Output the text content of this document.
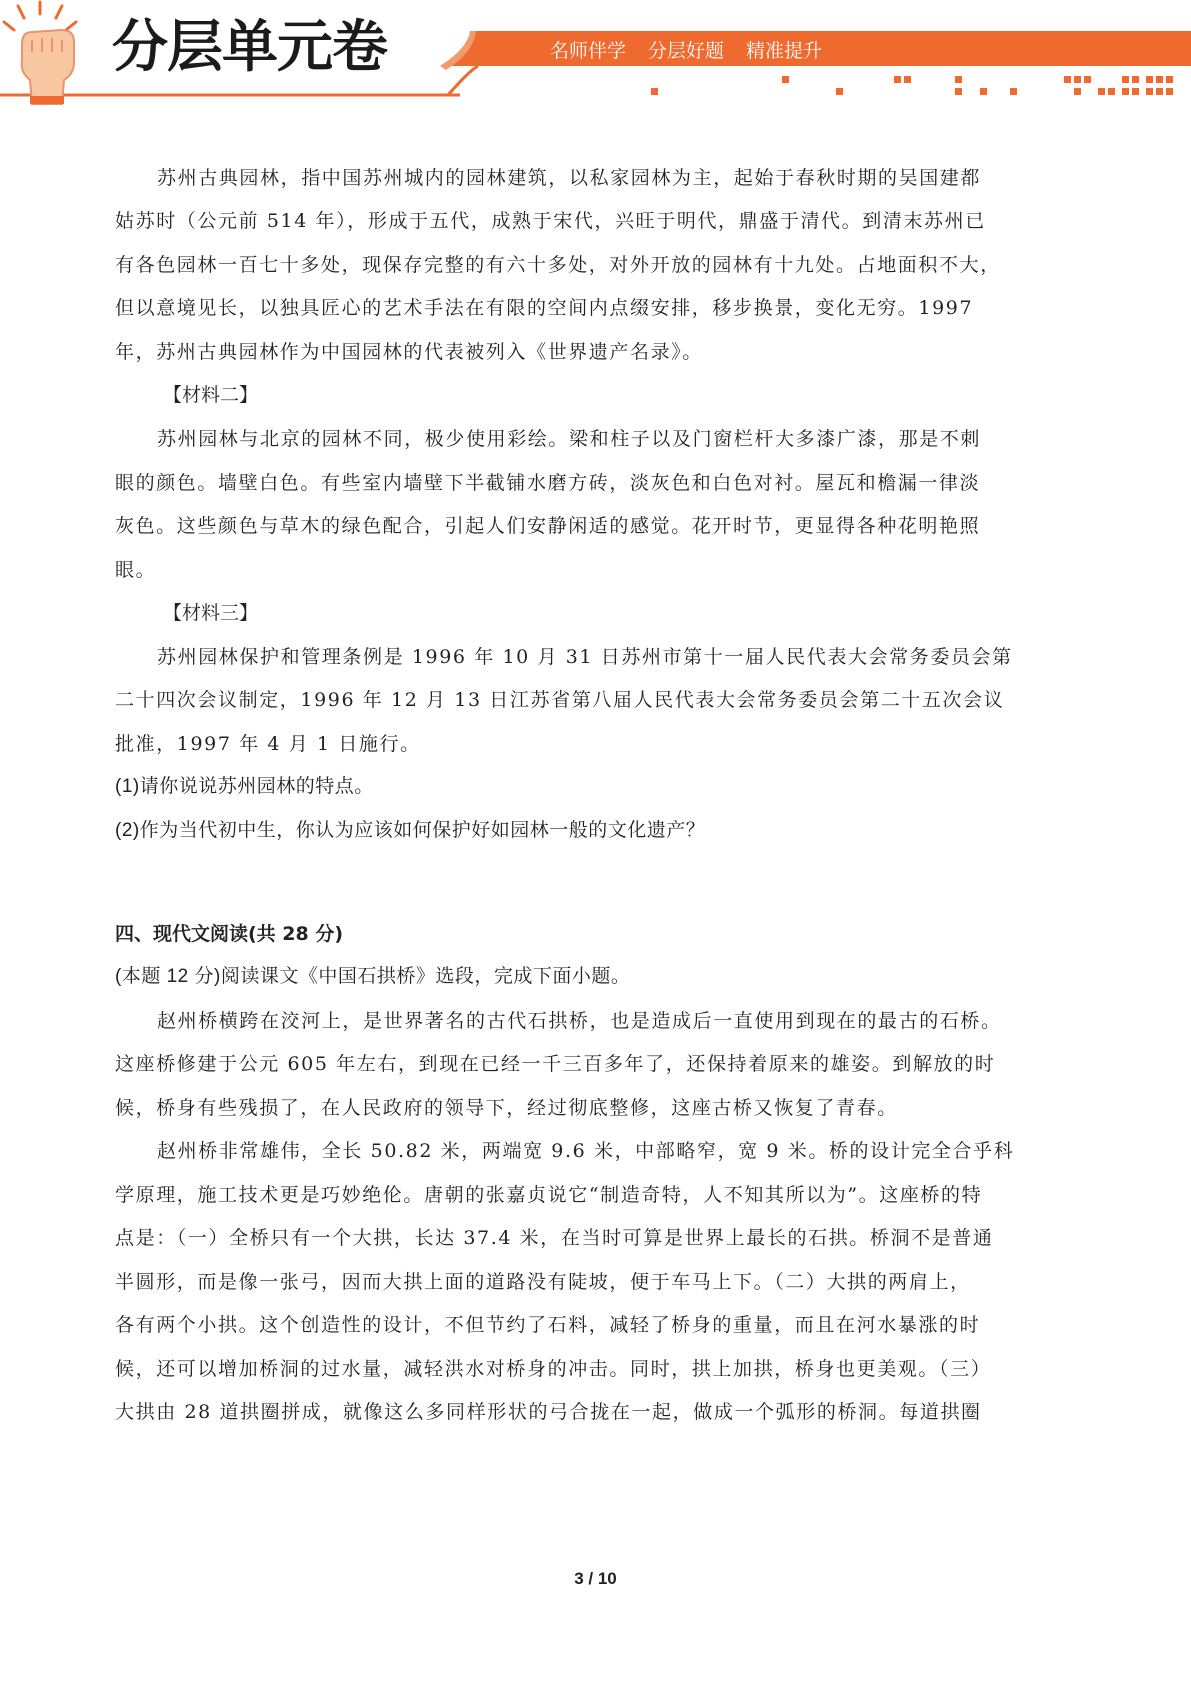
分层单元卷	名师伴学 分层好题 精准提升
苏州古典园林，指中国苏州城内的园林建筑，以私家园林为主，起始于春秋时期的吴国建都
姑苏时（公元前 514 年），形成于五代，成熟于宋代，兴旺于明代，鼎盛于清代。到清末苏州已
有各色园林一百七十多处，现保存完整的有六十多处，对外开放的园林有十九处。占地面积不大，
但以意境见长，以独具匠心的艺术手法在有限的空间内点缀安排，移步换景，变化无穷。1997
年，苏州古典园林作为中国园林的代表被列入《世界遗产名录》。
【材料二】
苏州园林与北京的园林不同，极少使用彩绘。梁和柱子以及门窗栏杆大多漆广漆，那是不刺
眼的颜色。墙壁白色。有些室内墙壁下半截铺水磨方砖，淡灰色和白色对衬。屋瓦和檐漏一律淡
灰色。这些颜色与草木的绿色配合，引起人们安静闲适的感觉。花开时节，更显得各种花明艳照
眼。
【材料三】
苏州园林保护和管理条例是 1996 年 10 月 31 日苏州市第十一届人民代表大会常务委员会第
二十四次会议制定，1996 年 12 月 13 日江苏省第八届人民代表大会常务委员会第二十五次会议
批准，1997 年 4 月 1 日施行。
(1)请你说说苏州园林的特点。
(2)作为当代初中生，你认为应该如何保护好如园林一般的文化遗产？
四、现代文阅读(共 28 分)
(本题 12 分)阅读课文《中国石拱桥》选段，完成下面小题。
赵州桥横跨在洨河上，是世界著名的古代石拱桥，也是造成后一直使用到现在的最古的石桥。
这座桥修建于公元 605 年左右，到现在已经一千三百多年了，还保持着原来的雄姿。到解放的时
候，桥身有些残损了，在人民政府的领导下，经过彻底整修，这座古桥又恢复了青春。
赵州桥非常雄伟，全长 50.82 米，两端宽 9.6 米，中部略窄，宽 9 米。桥的设计完全合乎科
学原理，施工技术更是巧妙绝伦。唐朝的张嘉贞说它“制造奇特，人不知其所以为”。这座桥的特
点是：（一）全桥只有一个大拱，长达 37.4 米，在当时可算是世界上最长的石拱。桥洞不是普通
半圆形，而是像一张弓，因而大拱上面的道路没有陡坡，便于车马上下。（二）大拱的两肩上，
各有两个小拱。这个创造性的设计，不但节约了石料，减轻了桥身的重量，而且在河水暴涨的时
候，还可以增加桥洞的过水量，减轻洪水对桥身的冲击。同时，拱上加拱，桥身也更美观。（三）
大拱由 28 道拱圈拼成，就像这么多同样形状的弓合拢在一起，做成一个弧形的桥洞。每道拱圈
3 / 10
